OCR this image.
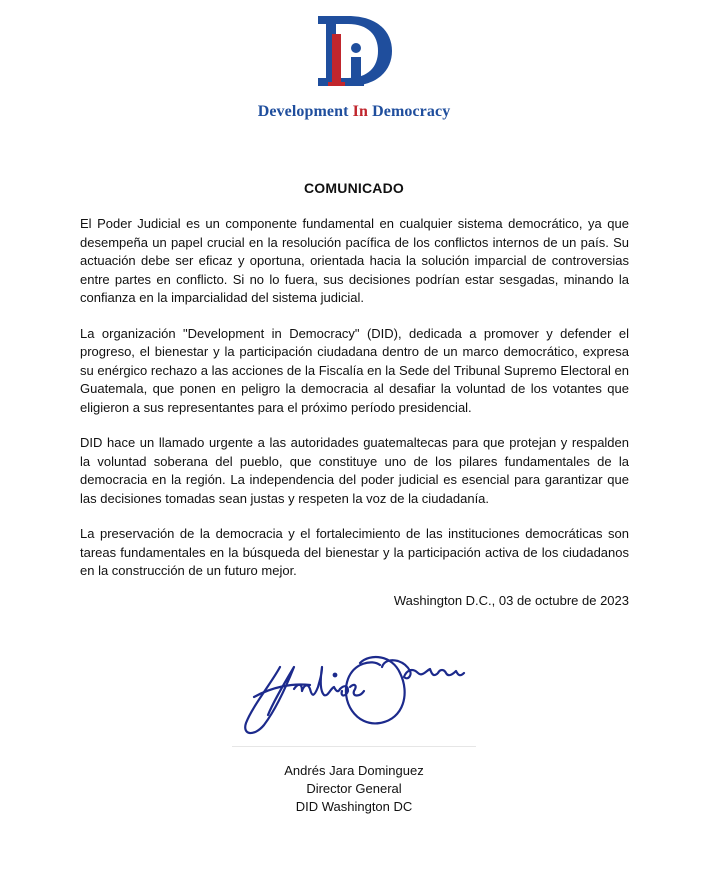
Development In Democracy
COMUNICADO

El Poder Judicial es un componente fundamental en cualquier sistema democrático, ya que desempeña un papel crucial en la resolución pacífica de los conflictos internos de un país. Su actuación debe ser eficaz y oportuna, orientada hacia la solución imparcial de controversias entre partes en conflicto. Si no lo fuera, sus decisiones podrían estar sesgadas, minando la confianza en la imparcialidad del sistema judicial.

La organización "Development in Democracy" (DID), dedicada a promover y defender el progreso, el bienestar y la participación ciudadana dentro de un marco democrático, expresa su enérgico rechazo a las acciones de la Fiscalía en la Sede del Tribunal Supremo Electoral en Guatemala, que ponen en peligro la democracia al desafiar la voluntad de los votantes que eligieron a sus representantes para el próximo período presidencial.

DID hace un llamado urgente a las autoridades guatemaltecas para que protejan y respalden la voluntad soberana del pueblo, que constituye uno de los pilares fundamentales de la democracia en la región. La independencia del poder judicial es esencial para garantizar que las decisiones tomadas sean justas y respeten la voz de la ciudadanía.

La preservación de la democracia y el fortalecimiento de las instituciones democráticas son tareas fundamentales en la búsqueda del bienestar y la participación activa de los ciudadanos en la construcción de un futuro mejor.

Washington D.C., 03 de octubre de 2023
Andrés Jara Dominguez
Director General
DID Washington DC
